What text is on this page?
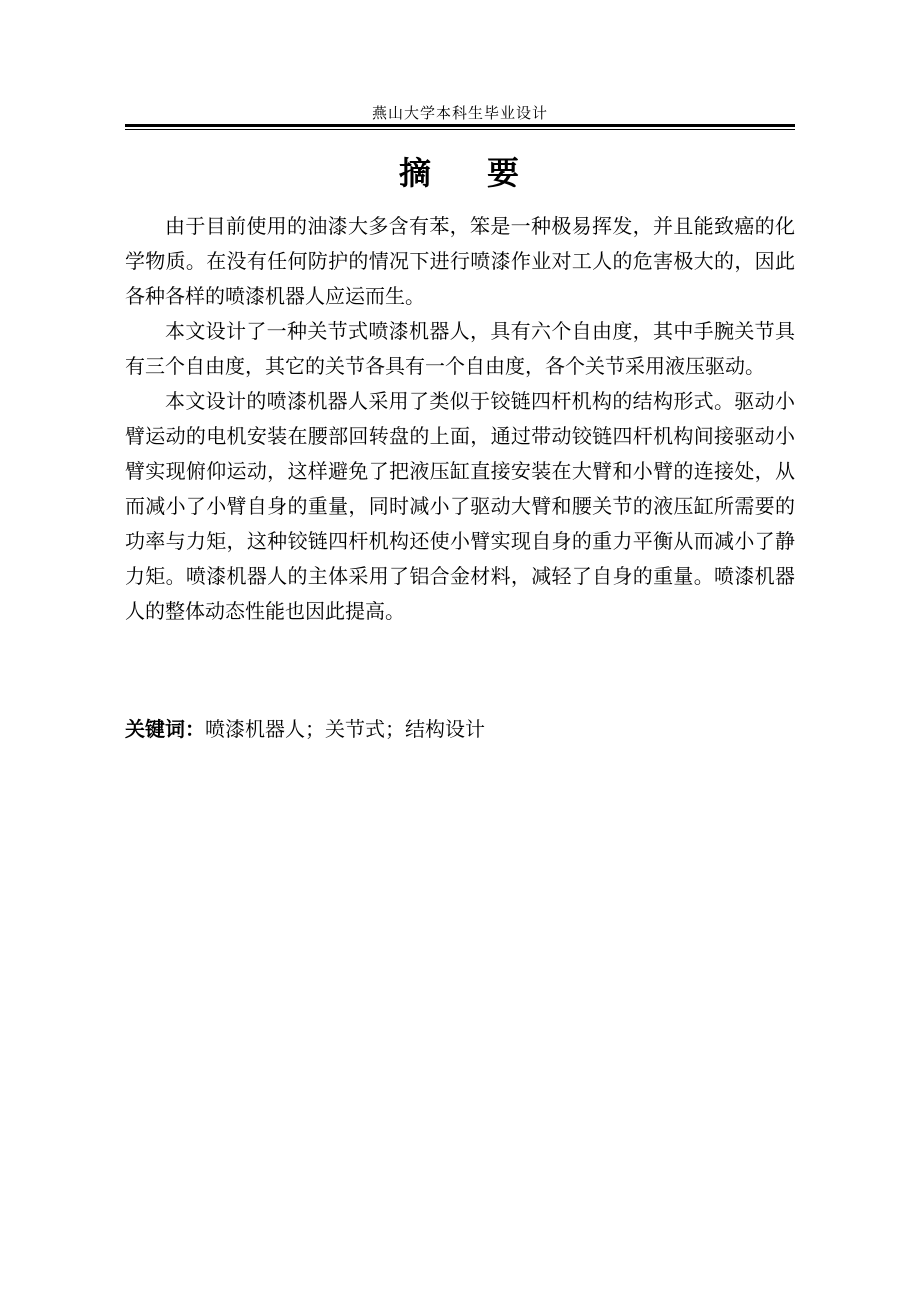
燕山大学本科生毕业设计
摘 要

由于目前使用的油漆大多含有苯，笨是一种极易挥发，并且能致癌的化学物质。在没有任何防护的情况下进行喷漆作业对工人的危害极大的，因此各种各样的喷漆机器人应运而生。

本文设计了一种关节式喷漆机器人，具有六个自由度，其中手腕关节具有三个自由度，其它的关节各具有一个自由度，各个关节采用液压驱动。

本文设计的喷漆机器人采用了类似于铰链四杆机构的结构形式。驱动小臂运动的电机安装在腰部回转盘的上面，通过带动铰链四杆机构间接驱动小臂实现俯仰运动，这样避免了把液压缸直接安装在大臂和小臂的连接处，从而减小了小臂自身的重量，同时减小了驱动大臂和腰关节的液压缸所需要的功率与力矩，这种铰链四杆机构还使小臂实现自身的重力平衡从而减小了静力矩。喷漆机器人的主体采用了铝合金材料，减轻了自身的重量。喷漆机器人的整体动态性能也因此提高。

关键词：喷漆机器人；关节式；结构设计
